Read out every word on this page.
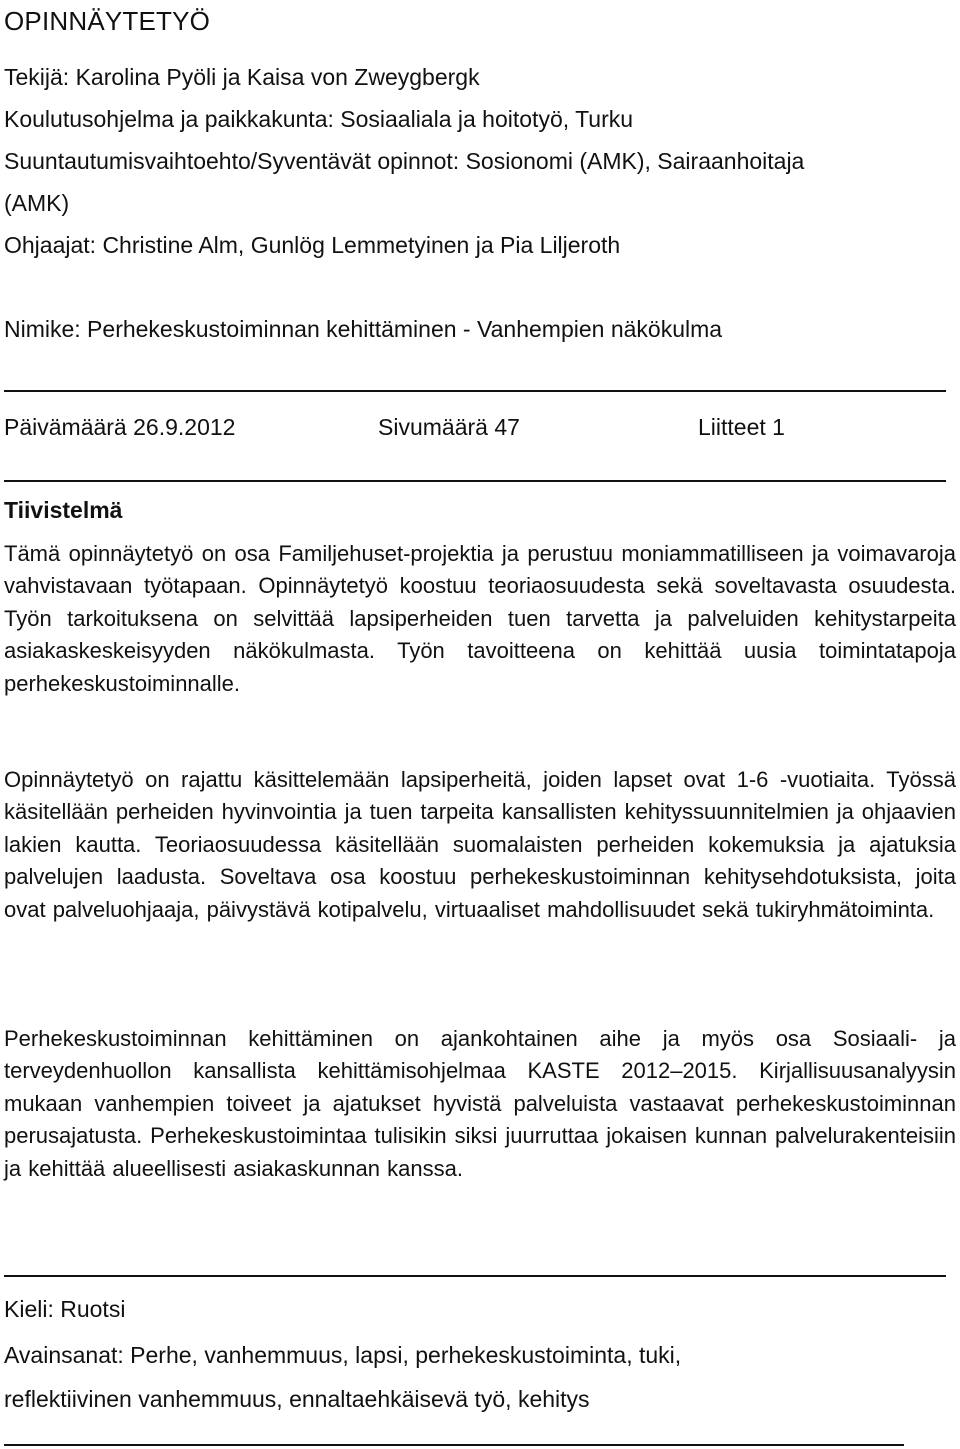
OPINNÄYTETYÖ
Tekijä: Karolina Pyöli ja Kaisa von Zweygbergk
Koulutusohjelma ja paikkakunta: Sosiaaliala ja hoitotyö, Turku
Suuntautumisvaihtoehto/Syventävät opinnot: Sosionomi (AMK), Sairaanhoitaja
(AMK)
Ohjaajat: Christine Alm, Gunlög Lemmetyinen ja Pia Liljeroth
Nimike: Perhekeskustoiminnan kehittäminen - Vanhempien näkökulma
Päivämäärä 26.9.2012	Sivumäärä 47	Liitteet 1
Tiivistelmä

Tämä opinnäytetyö on osa Familjehuset-projektia ja perustuu moniammatilliseen ja voimavaroja vahvistavaan työtapaan. Opinnäytetyö koostuu teoriaosuudesta sekä soveltavasta osuudesta. Työn tarkoituksena on selvittää lapsiperheiden tuen tarvetta ja palveluiden kehitystarpeita asiakaskeskeisyyden näkökulmasta. Työn tavoitteena on kehittää uusia toimintatapoja perhekeskustoiminnalle.

Opinnäytetyö on rajattu käsittelemään lapsiperheitä, joiden lapset ovat 1-6 -vuotiaita. Työssä käsitellään perheiden hyvinvointia ja tuen tarpeita kansallisten kehityssuunnitelmien ja ohjaavien lakien kautta. Teoriaosuudessa käsitellään suomalaisten perheiden kokemuksia ja ajatuksia palvelujen laadusta. Soveltava osa koostuu perhekeskustoiminnan kehitysehdotuksista, joita ovat palveluohjaaja, päivystävä kotipalvelu, virtuaaliset mahdollisuudet sekä tukiryhmätoiminta.

Perhekeskustoiminnan kehittäminen on ajankohtainen aihe ja myös osa Sosiaali- ja terveydenhuollon kansallista kehittämisohjelmaa KASTE 2012–2015. Kirjallisuusanalyysin mukaan vanhempien toiveet ja ajatukset hyvistä palveluista vastaavat perhekeskustoiminnan perusajatusta. Perhekeskustoimintaa tulisikin siksi juurruttaa jokaisen kunnan palvelurakenteisiin ja kehittää alueellisesti asiakaskunnan kanssa.

Kieli: Ruotsi
Avainsanat: Perhe, vanhemmuus, lapsi, perhekeskustoiminta, tuki,
reflektiivinen vanhemmuus, ennaltaehkäisevä työ, kehitys
